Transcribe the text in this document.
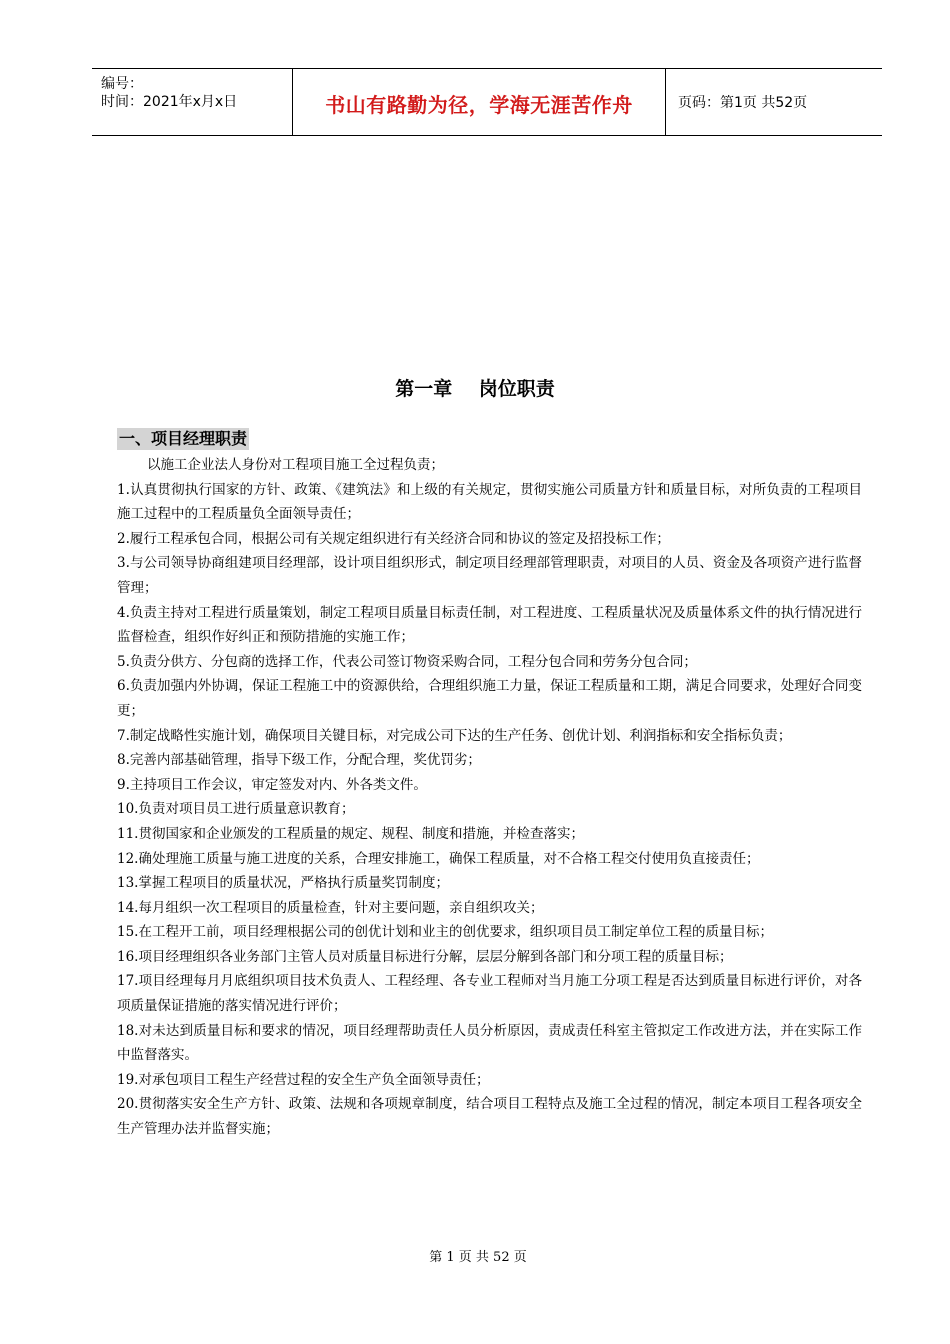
编号：
时间：2021年x月x日	书山有路勤为径，学海无涯苦作舟	页码：第1页 共52页
第一章    岗位职责
一、项目经理职责

以施工企业法人身份对工程项目施工全过程负责；

1.认真贯彻执行国家的方针、政策、《建筑法》和上级的有关规定，贯彻实施公司质量方针和质量目标，对所负责的工程项目施工过程中的工程质量负全面领导责任；

2.履行工程承包合同，根据公司有关规定组织进行有关经济合同和协议的签定及招投标工作；

3.与公司领导协商组建项目经理部，设计项目组织形式，制定项目经理部管理职责，对项目的人员、资金及各项资产进行监督管理；

4.负责主持对工程进行质量策划，制定工程项目质量目标责任制，对工程进度、工程质量状况及质量体系文件的执行情况进行监督检查，组织作好纠正和预防措施的实施工作；

5.负责分供方、分包商的选择工作，代表公司签订物资采购合同，工程分包合同和劳务分包合同；

6.负责加强内外协调，保证工程施工中的资源供给，合理组织施工力量，保证工程质量和工期，满足合同要求，处理好合同变更；

7.制定战略性实施计划，确保项目关键目标，对完成公司下达的生产任务、创优计划、利润指标和安全指标负责；

8.完善内部基础管理，指导下级工作，分配合理，奖优罚劣；

9.主持项目工作会议，审定签发对内、外各类文件。

10.负责对项目员工进行质量意识教育；

11.贯彻国家和企业颁发的工程质量的规定、规程、制度和措施，并检查落实；

12.确处理施工质量与施工进度的关系，合理安排施工，确保工程质量，对不合格工程交付使用负直接责任；

13.掌握工程项目的质量状况，严格执行质量奖罚制度；

14.每月组织一次工程项目的质量检查，针对主要问题，亲自组织攻关；

15.在工程开工前，项目经理根据公司的创优计划和业主的创优要求，组织项目员工制定单位工程的质量目标；

16.项目经理组织各业务部门主管人员对质量目标进行分解，层层分解到各部门和分项工程的质量目标；

17.项目经理每月月底组织项目技术负责人、工程经理、各专业工程师对当月施工分项工程是否达到质量目标进行评价，对各项质量保证措施的落实情况进行评价；

18.对未达到质量目标和要求的情况，项目经理帮助责任人员分析原因，责成责任科室主管拟定工作改进方法，并在实际工作中监督落实。

19.对承包项目工程生产经营过程的安全生产负全面领导责任；

20.贯彻落实安全生产方针、政策、法规和各项规章制度，结合项目工程特点及施工全过程的情况，制定本项目工程各项安全生产管理办法并监督实施；

第 1 页 共 52 页
